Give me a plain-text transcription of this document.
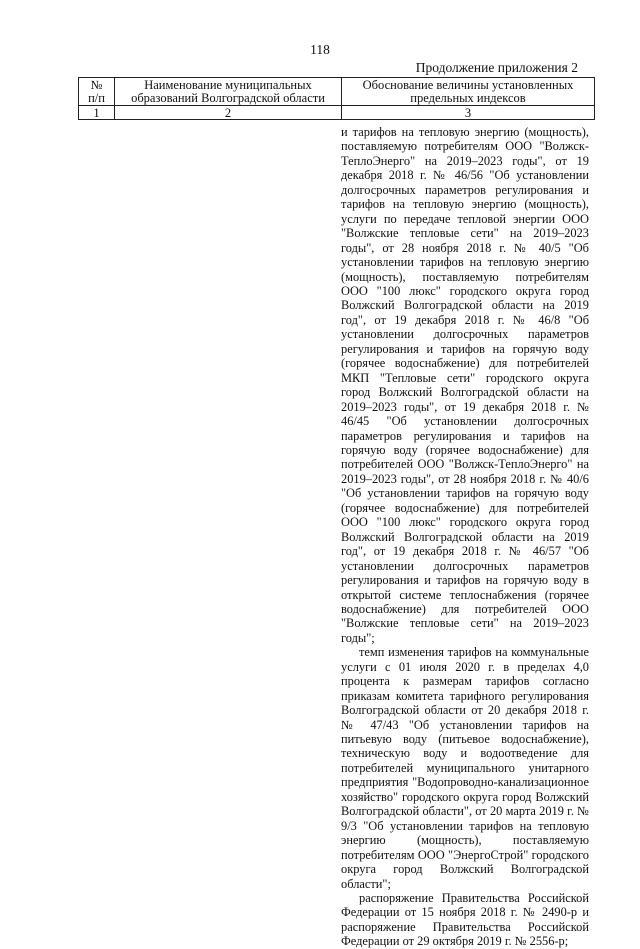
118
Продолжение приложения 2
№
п/п
Наименование муниципальных
образований Волгоградской области
Обоснование величины установленных
предельных индексов
1	2	3

и тарифов на тепловую энергию (мощность), поставляемую потребителям ООО "Волжск-ТеплоЭнерго" на 2019–2023 годы", от 19 декабря 2018 г. № 46/56 "Об установлении долгосрочных параметров регулирования и тарифов на тепловую энергию (мощность), услуги по передаче тепловой энергии ООО "Волжские тепловые сети" на 2019–2023 годы", от 28 ноября 2018 г. № 40/5 "Об установлении тарифов на тепловую энергию (мощность), поставляемую потребителям ООО "100 люкс" городского округа город Волжский Волгоградской области на 2019 год", от 19 декабря 2018 г. № 46/8 "Об установлении долгосрочных параметров регулирования и тарифов на горячую воду (горячее водоснабжение) для потребителей МКП "Тепловые сети" городского округа город Волжский Волгоградской области на 2019–2023 годы", от 19 декабря 2018 г. № 46/45 "Об установлении долгосрочных параметров регулирования и тарифов на горячую воду (горячее водоснабжение) для потребителей ООО "Волжск-ТеплоЭнерго" на 2019–2023 годы", от 28 ноября 2018 г. № 40/6 "Об установлении тарифов на горячую воду (горячее водоснабжение) для потребителей ООО "100 люкс" городского округа город Волжский Волгоградской области на 2019 год", от 19 декабря 2018 г. № 46/57 "Об установлении долгосрочных параметров регулирования и тарифов на горячую воду в открытой системе теплоснабжения (горячее водоснабжение) для потребителей ООО "Волжские тепловые сети" на 2019–2023 годы";

темп изменения тарифов на коммунальные услуги с 01 июля 2020 г. в пределах 4,0 процента к размерам тарифов согласно приказам комитета тарифного регулирования Волгоградской области от 20 декабря 2018 г. № 47/43 "Об установлении тарифов на питьевую воду (питьевое водоснабжение), техническую воду и водоотведение для потребителей муниципального унитарного предприятия "Водопроводно-канализационное хозяйство" городского округа город Волжский Волгоградской области", от 20 марта 2019 г. № 9/3 "Об установлении тарифов на тепловую энергию (мощность), поставляемую потребителям ООО "ЭнергоСтрой" городского округа город Волжский Волгоградской области";

распоряжение Правительства Российской Федерации от 15 ноября 2018 г. № 2490-р и распоряжение Правительства Российской Федерации от 29 октября 2019 г. № 2556-р;
